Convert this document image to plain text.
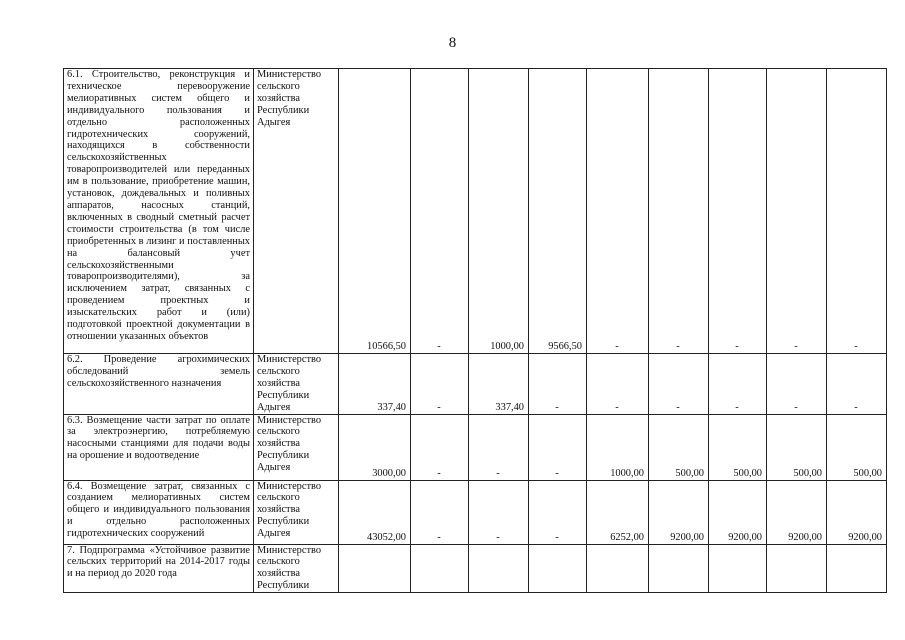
8
6.1. Строительство, реконструкция и техническое перевооружение мелиоративных систем общего и индивидуального пользования и отдельно расположенных гидротехнических сооружений, находящихся в собственности сельскохозяйственных товаропроизводителей или переданных им в пользование, приобретение машин, установок, дождевальных и поливных аппаратов, насосных станций, включенных в сводный сметный расчет стоимости строительства (в том числе приобретенных в лизинг и поставленных на балансовый учет сельскохозяйственными товаропроизводителями), за исключением затрат, связанных с проведением проектных и изыскательских работ и (или) подготовкой проектной документации в отношении указанных объектов	Министерство сельского хозяйства Республики Адыгея	10566,50	-	1000,00	9566,50	-	-	-	-	-
6.2. Проведение агрохимических обследований земель сельскохозяйственного назначения	Министерство сельского хозяйства Республики Адыгея	337,40	-	337,40	-	-	-	-	-	-
6.3. Возмещение части затрат по оплате за электроэнергию, потребляемую насосными станциями для подачи воды на орошение и водоотведение	Министерство сельского хозяйства Республики Адыгея	3000,00	-	-	-	1000,00	500,00	500,00	500,00	500,00
6.4. Возмещение затрат, связанных с созданием мелиоративных систем общего и индивидуального пользования и отдельно расположенных гидротехнических сооружений	Министерство сельского хозяйства Республики Адыгея	43052,00	-	-	-	6252,00	9200,00	9200,00	9200,00	9200,00
7. Подпрограмма «Устойчивое развитие сельских территорий на 2014-2017 годы и на период до 2020 года	Министерство сельского хозяйства Республики									
